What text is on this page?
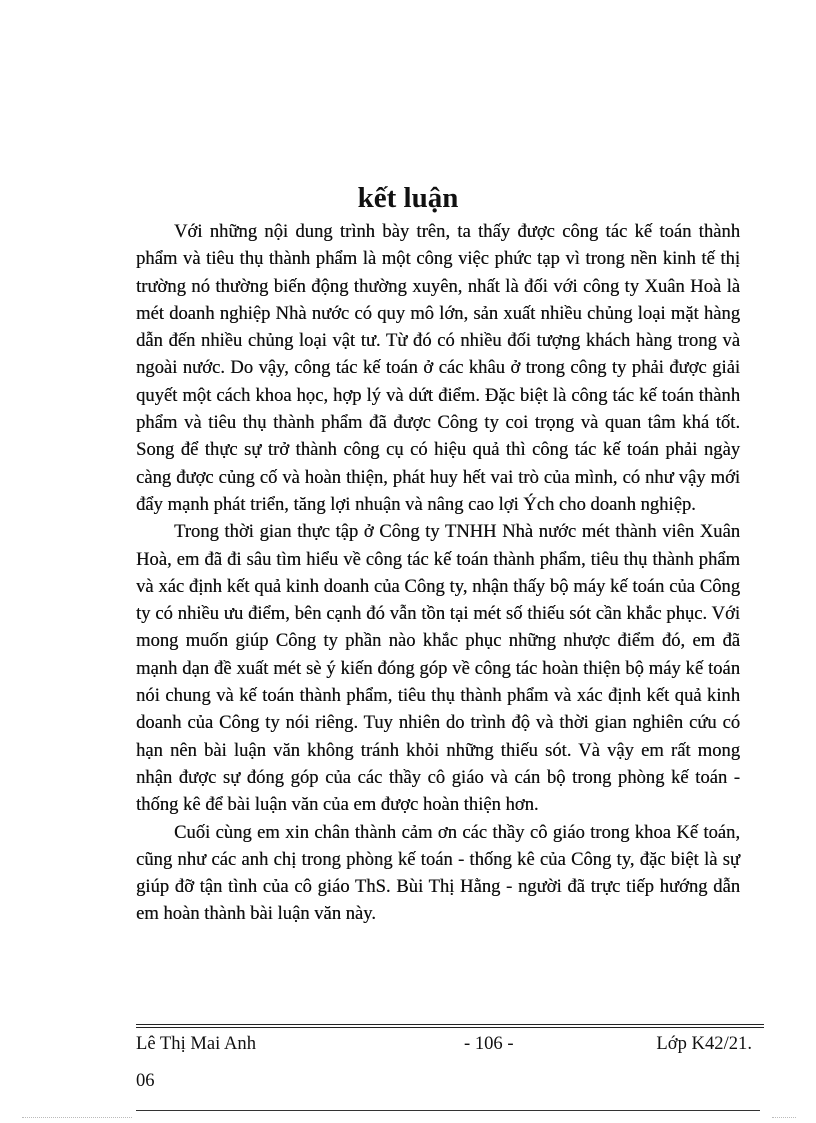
kết luận

Với những nội dung trình bày trên, ta thấy được công tác kế toán thành phẩm và tiêu thụ thành phẩm là một công việc phức tạp vì trong nền kinh tế thị trường nó thường biến động thường xuyên, nhất là đối với công ty Xuân Hoà là mét doanh nghiệp Nhà nước có quy mô lớn, sản xuất nhiều chủng loại mặt hàng dẫn đến nhiều chủng loại vật tư. Từ đó có nhiều đối tượng khách hàng trong và ngoài nước. Do vậy, công tác kế toán ở các khâu ở trong công ty phải được giải quyết một cách khoa học, hợp lý và dứt điểm. Đặc biệt là công tác kế toán thành phẩm và tiêu thụ thành phẩm đã được Công ty coi trọng và quan tâm khá tốt. Song để thực sự trở thành công cụ có hiệu quả thì công tác kế toán phải ngày càng được củng cố và hoàn thiện, phát huy hết vai trò của mình, có như vậy mới đẩy mạnh phát triển, tăng lợi nhuận và nâng cao lợi Ých cho doanh nghiệp.

Trong thời gian thực tập ở Công ty TNHH Nhà nước mét thành viên Xuân Hoà, em đã đi sâu tìm hiểu về công tác kế toán thành phẩm, tiêu thụ thành phẩm và xác định kết quả kinh doanh của Công ty, nhận thấy bộ máy kế toán của Công ty có nhiều ưu điểm, bên cạnh đó vẫn tồn tại mét số thiếu sót cần khắc phục. Với mong muốn giúp Công ty phần nào khắc phục những nhược điểm đó, em đã mạnh dạn đề xuất mét sè ý kiến đóng góp về công tác hoàn thiện bộ máy kế toán nói chung và kế toán thành phẩm, tiêu thụ thành phẩm và xác định kết quả kinh doanh của Công ty nói riêng. Tuy nhiên do trình độ và thời gian nghiên cứu có hạn nên bài luận văn không tránh khỏi những thiếu sót. Và vậy em rất mong nhận được sự đóng góp của các thầy cô giáo và cán bộ trong phòng kế toán - thống kê để bài luận văn của em được hoàn thiện hơn.

Cuối cùng em xin chân thành cảm ơn các thầy cô giáo trong khoa Kế toán, cũng như các anh chị trong phòng kế toán - thống kê của Công ty, đặc biệt là sự giúp đỡ tận tình của cô giáo ThS. Bùi Thị Hằng - người đã trực tiếp hướng dẫn em hoàn thành bài luận văn này.

Lê Thị Mai Anh	- 106 -	Lớp K42/21.
06
